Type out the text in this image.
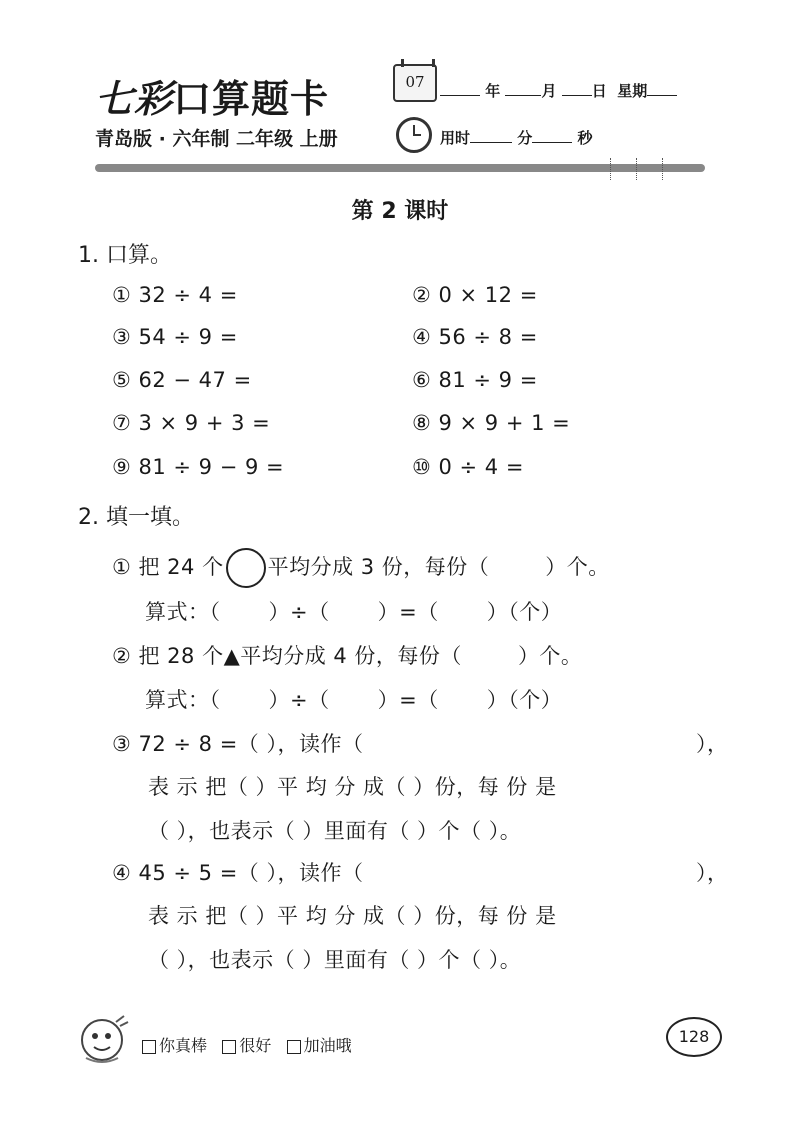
七彩口算题卡
青岛版 · 六年制 二年级 上册
07	年	月 日 星期
用时	分	秒
第 2 课时
1. 口算。
① 32 ÷ 4 =	② 0 × 12 =
③ 54 ÷ 9 =	④ 56 ÷ 8 =
⑤ 62 − 47 =	⑥ 81 ÷ 9 =
⑦ 3 × 9 + 3 =	⑧ 9 × 9 + 1 =
⑨ 81 ÷ 9 − 9 =	⑩ 0 ÷ 4 =
2. 填一填。
① 把 24 个 平均分成 3 份，每份（	）个。
算式：（ ）÷（ ）=（ ）（个）
② 把 28 个▲平均分成 4 份，每份（	）个。
算式：（ ）÷（ ）=（ ）（个）
③ 72 ÷ 8 =（ ），读作（	），
表 示 把（ ）平 均 分 成（ ）份，每 份 是
（ ），也表示（ ）里面有（ ）个（ ）。
④ 45 ÷ 5 =（ ），读作（	），
表 示 把（ ）平 均 分 成（ ）份，每 份 是
（ ），也表示（ ）里面有（ ）个（ ）。
你真棒 很好 加油哦	128
